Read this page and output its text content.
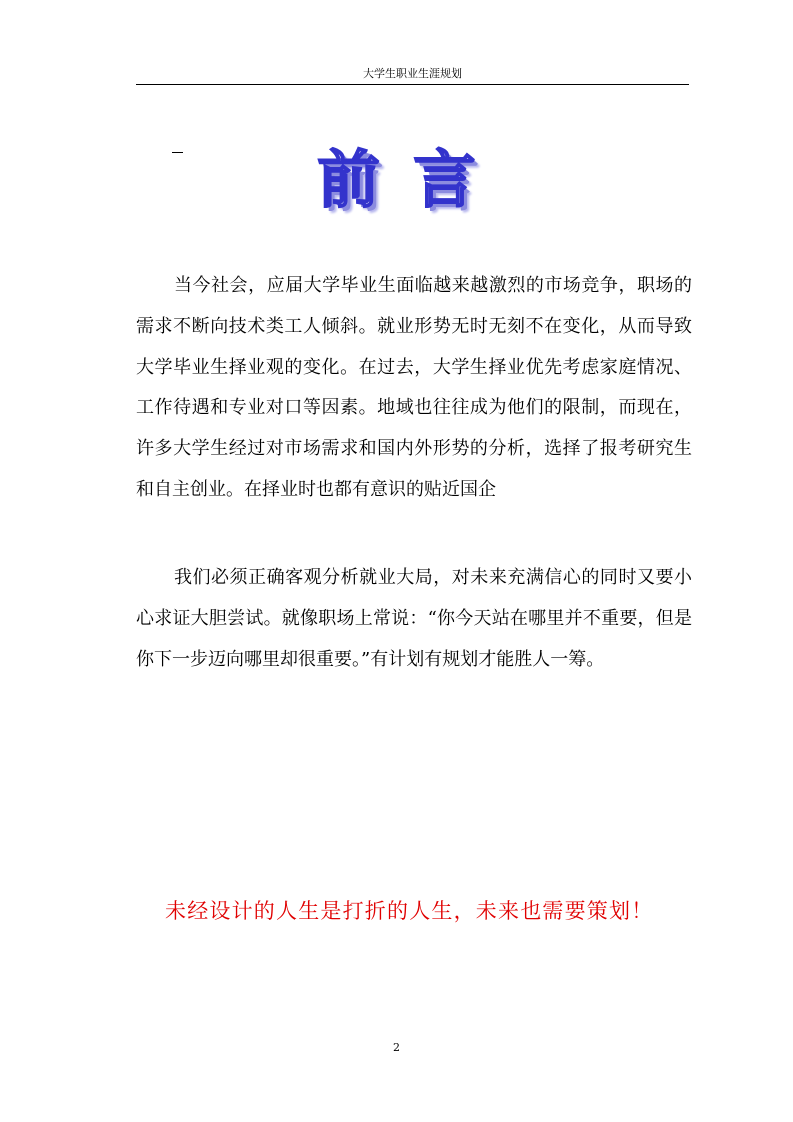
大学生职业生涯规划
前言

当今社会，应届大学毕业生面临越来越激烈的市场竞争，职场的需求不断向技术类工人倾斜。就业形势无时无刻不在变化，从而导致大学毕业生择业观的变化。在过去，大学生择业优先考虑家庭情况、工作待遇和专业对口等因素。地域也往往成为他们的限制，而现在，许多大学生经过对市场需求和国内外形势的分析，选择了报考研究生和自主创业。在择业时也都有意识的贴近国企

我们必须正确客观分析就业大局，对未来充满信心的同时又要小心求证大胆尝试。就像职场上常说：“你今天站在哪里并不重要，但是你下一步迈向哪里却很重要。”有计划有规划才能胜人一筹。

未经设计的人生是打折的人生，未来也需要策划！
2
